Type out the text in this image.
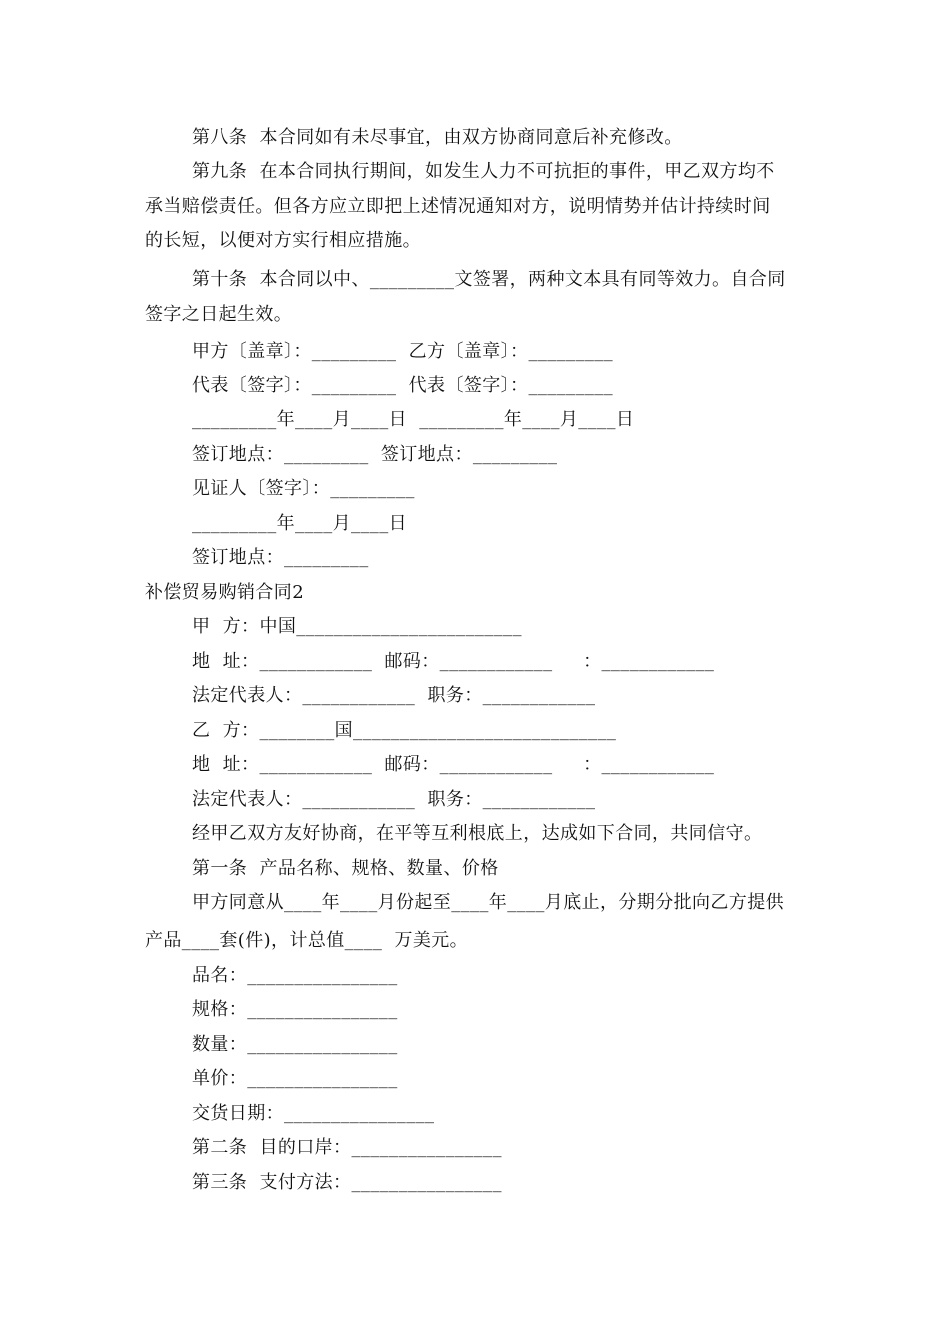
第八条  本合同如有未尽事宜，由双方协商同意后补充修改。
第九条  在本合同执行期间，如发生人力不可抗拒的事件，甲乙双方均不
承当赔偿责任。但各方应立即把上述情况通知对方，说明情势并估计持续时间
的长短，以便对方实行相应措施。
第十条  本合同以中、_________文签署，两种文本具有同等效力。自合同
签字之日起生效。
甲方〔盖章〕：_________  乙方〔盖章〕：_________
代表〔签字〕：_________  代表〔签字〕：_________
_________年____月____日  _________年____月____日
签订地点：_________  签订地点：_________
见证人〔签字〕：_________
_________年____月____日
签订地点：_________
补偿贸易购销合同2
甲  方：中国________________________
地  址：____________  邮码：____________     ：____________
法定代表人：____________  职务：____________
乙  方：________国____________________________
地  址：____________  邮码：____________     ：____________
法定代表人：____________  职务：____________
经甲乙双方友好协商，在平等互利根底上，达成如下合同，共同信守。
第一条  产品名称、规格、数量、价格
甲方同意从____年____月份起至____年____月底止，分期分批向乙方提供
产品____套(件)，计总值____  万美元。
品名：________________
规格：________________
数量：________________
单价：________________
交货日期：________________
第二条  目的口岸：________________
第三条  支付方法：________________
